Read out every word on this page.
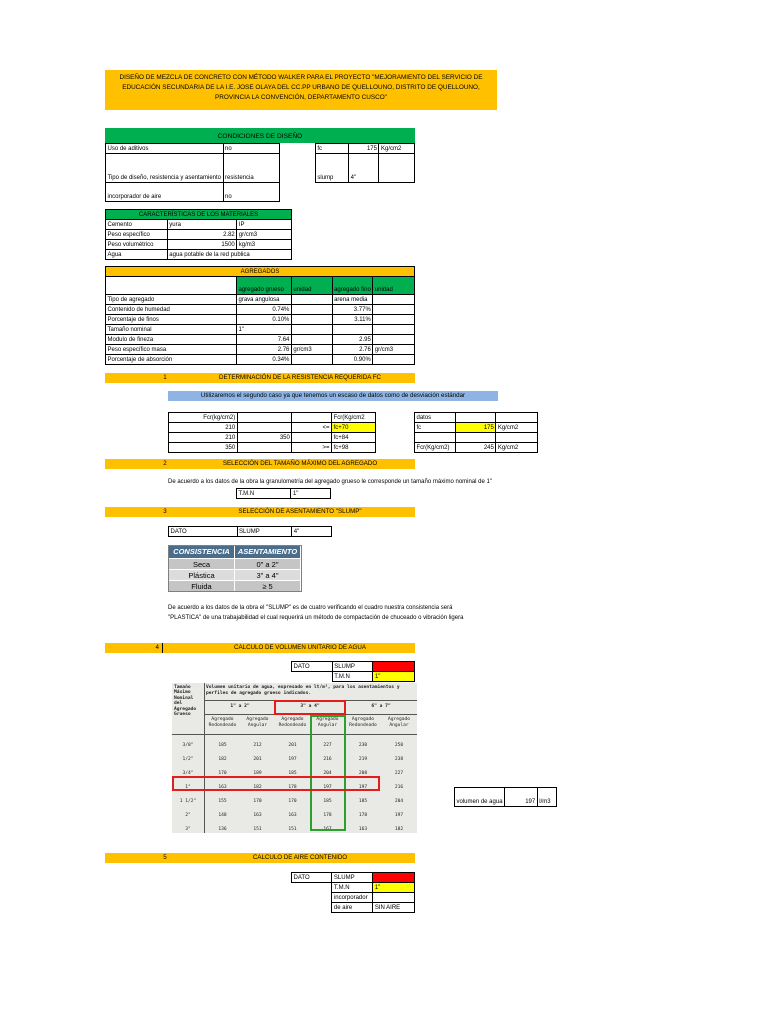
DISEÑO DE MEZCLA DE CONCRETO CON MÉTODO WALKER PARA EL PROYECTO "MEJORAMIENTO DEL SERVICIO DE EDUCACIÓN SECUNDARIA DE LA I.E. JOSE OLAYA DEL CC.PP URBANO DE QUELLOUNO, DISTRITO DE QUELLOUNO, PROVINCIA LA CONVENCIÓN, DEPARTAMENTO CUSCO"
CONDICIONES DE DISEÑO
Uso de aditivos	no		fc	175	Kg/cm2
Tipo de diseño, resistencia y asentamiento	resistencia		slump	4"	
incorporador de aire	no				
CARACTERÍSTICAS DE LOS MATERIALES		
Cemento	yura	IP
Peso específico	2.82	gr/cm3
Peso volumétrico	1500	kg/m3
Agua	agua potable de la red publica	
AGREGADOS				
	agregado grueso	unidad	agregado fino	unidad
Tipo de agregado	grava angulosa		arena media	
Contenido de humedad	0.74%		3.77%	
Porcentaje de finos	0.10%		3.11%	
Tamaño nominal	1"			
Modulo de fineza	7.64		2.95	
Peso específico masa	2.76	gr/cm3	2.76	gr/cm3
Porcentaje de absorción	0.34%		0.90%	
1	DETERMINACIÓN DE LA RESISTENCIA REQUERIDA FC
Utilizaremos el segundo caso ya que tenemos un escaso de datos como de desviación estándar
Fcr(kg/cm2)			Fcr(Kg/cm2
210		<=	fc+70
210	350		fc+84
350		>=	fc+98
datos		
fc	175	Kg/cm2

Fcr(Kg/cm2)	245	Kg/cm2
2	SELECCIÓN DEL TAMAÑO MÁXIMO DEL AGREGADO
De acuerdo a los datos de la obra la granulometría del agregado grueso le corresponde un tamaño máximo nominal de 1"
T.M.N	1"
3	SELECCIÓN DE ASENTAMIENTO "SLUMP"
DATO	SLUMP	4"
CONSISTENCIA	ASENTAMIENTO
Seca	0" a 2"
Plástica	3" a 4"
Fluida	≥ 5
De acuerdo a los datos de la obra el "SLUMP" es de cuatro verificando el cuadro nuestra consistencia será "PLASTICA" de una trabajabilidad el cual requerirá un método de compactación de chuceado o vibración ligera
4	CALCULO DE VOLUMEN UNITARIO DE AGUA
DATO	SLUMP	4"
	T.M.N	1"
Tamaño Máximo Nominal del Agregado Grueso
Volumen unitario de agua, expresado en lt/m³, para los asentamientos y perfiles de agregado grueso indicados.
1" a 2"	3" a 4"	6" a 7"
Agregado Redondeado
Agregado Angular
Agregado Redondeado
Agregado Angular
Agregado Redondeado
Agregado Angular
3/8"	185	212	201	227	230	250
1/2"	182	201	197	216	219	238
3/4"	170	189	185	204	208	227
1"	163	182	178	197	197	216
1 1/2"	155	170	170	185	185	204
2"	148	163	163	178	178	197
3"	136	151	151	167	163	182
volumen de agua	197	l/m3
5	CALCULO DE AIRE CONTENIDO
DATO	SLUMP	4"
	T.M.N	1"
	incorporador	
	de aire	SIN AIRE
